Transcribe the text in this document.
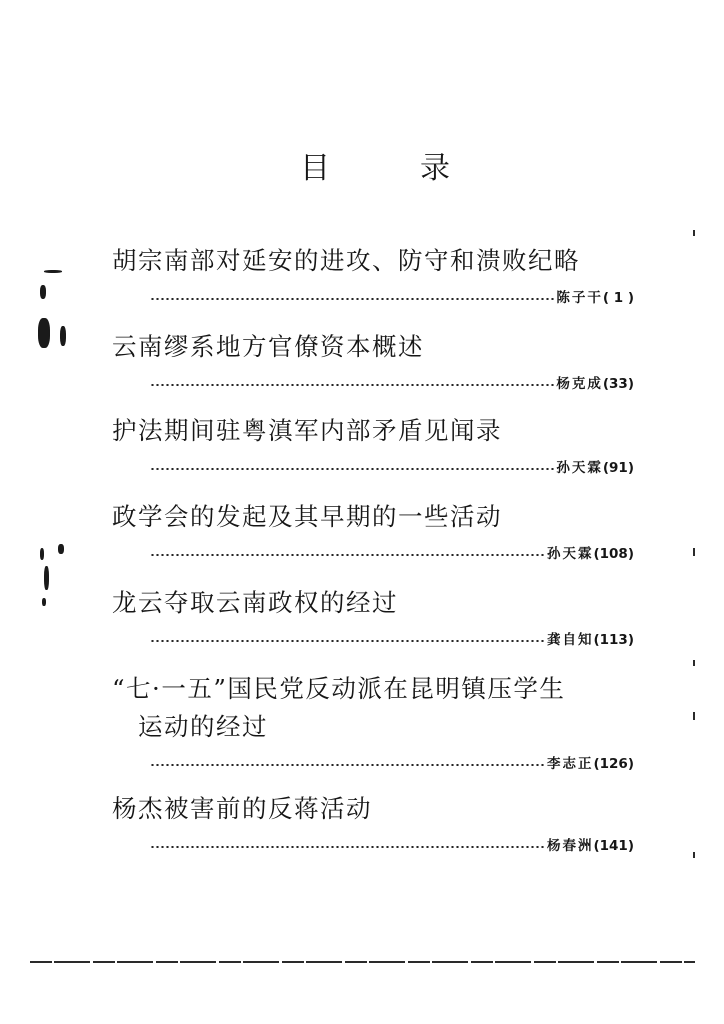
目	录
胡宗南部对延安的进攻、防守和溃败纪略
陈子干 ( 1 )
云南缪系地方官僚资本概述
杨克成 (33)
护法期间驻粤滇军内部矛盾见闻录
孙天霖 (91)
政学会的发起及其早期的一些活动
孙天霖 (108)
龙云夺取云南政权的经过
龚自知 (113)
“七·一五”国民党反动派在昆明镇压学生
运动的经过
李志正 (126)
杨杰被害前的反蒋活动
杨春洲 (141)
